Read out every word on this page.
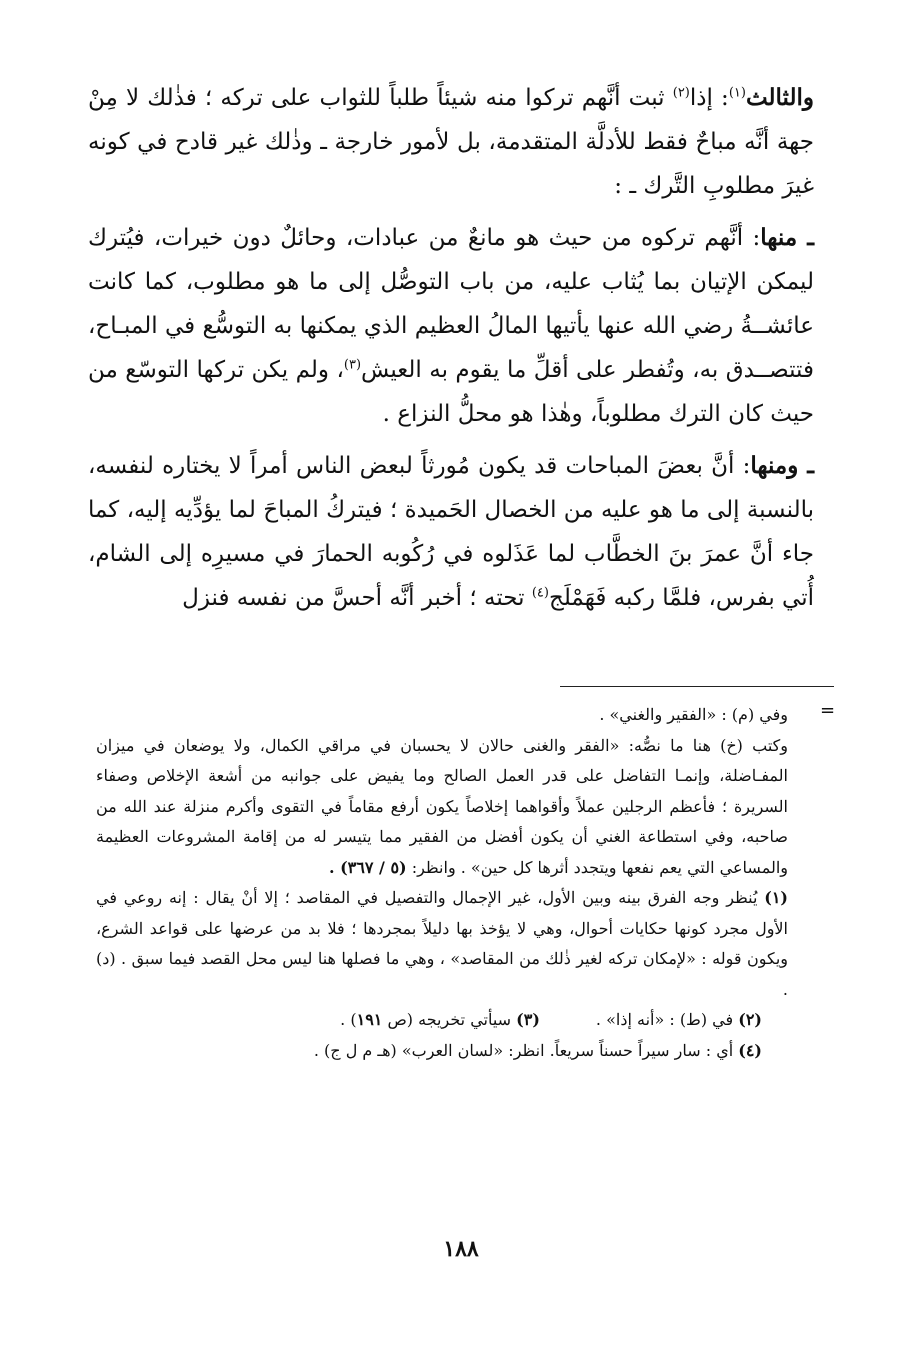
والثالث$^{(١)}$: إذا$^{(٢)}$ ثبت أنَّهم تركوا منه شيئاً طلباً للثواب على تركه ؛ فذٰلك لا مِنْ جهة أنَّه مباحٌ فقط للأدلَّة المتقدمة، بل لأمور خارجة ـ وذٰلك غير قادح في كونه غيرَ مطلوبِ التَّرك ـ :

ـ منها: أنَّهم تركوه من حيث هو مانعٌ من عبادات، وحائلٌ دون خيرات، فيُترك ليمكن الإتيان بما يُثاب عليه، من باب التوصُّل إلى ما هو مطلوب، كما كانت عائشــةُ رضي الله عنها يأتيها المالُ العظيم الذي يمكنها به التوسُّع في المبـاح، فتتصــدق به، وتُفطر على أقلِّ ما يقوم به العيش$^{(٣)}$، ولم يكن تركها التوسّع من حيث كان الترك مطلوباً، وهٰذا هو محلُّ النزاع .

ـ ومنها: أنَّ بعضَ المباحات قد يكون مُورثاً لبعض الناس أمراً لا يختاره لنفسه، بالنسبة إلى ما هو عليه من الخصال الحَميدة ؛ فيتركُ المباحَ لما يؤدِّيه إليه، كما جاء أنَّ عمرَ بنَ الخطَّاب لما عَذَلوه في رُكُوبه الحمارَ في مسيرِه إلى الشام، أُتي بفرس، فلمَّا ركبه فَهَمْلَج$^{(٤)}$ تحته ؛ أخبر أنَّه أحسَّ من نفسه فنزل

=

وفي (م) : «الفقير والغني» .

وكتب (خ) هنا ما نصُّه: «الفقر والغنى حالان لا يحسبان في مراقي الكمال، ولا يوضعان في ميزان المفـاضلة، وإنمـا التفاضل على قدر العمل الصالح وما يفيض على جوانبه من أشعة الإخلاص وصفاء السريرة ؛ فأعظم الرجلين عملاً وأقواهما إخلاصاً يكون أرفع مقاماً في التقوى وأكرم منزلة عند الله من صاحبه، وفي استطاعة الغني أن يكون أفضل من الفقير مما يتيسر له من إقامة المشروعات العظيمة والمساعي التي يعم نفعها ويتجدد أثرها كل حين» . وانظر: (٥ / ٣٦٧) .

(١) يُنظر وجه الفرق بينه وبين الأول، غير الإجمال والتفصيل في المقاصد ؛ إلا أنْ يقال : إنه روعي في الأول مجرد كونها حكايات أحوال، وهي لا يؤخذ بها دليلاً بمجردها ؛ فلا بد من عرضها على قواعد الشرع، ويكون قوله : «لإمكان تركه لغير ذٰلك من المقاصد» ، وهي ما فصلها هنا ليس محل القصد فيما سبق . (د) .

(٢) في (ط) : «أنه إذا» .
(٣) سيأتي تخريجه (ص ١٩١) .

(٤) أي : سار سيراً حسناً سريعاً. انظر: «لسان العرب» (هـ م ل ج) .

١٨٨
